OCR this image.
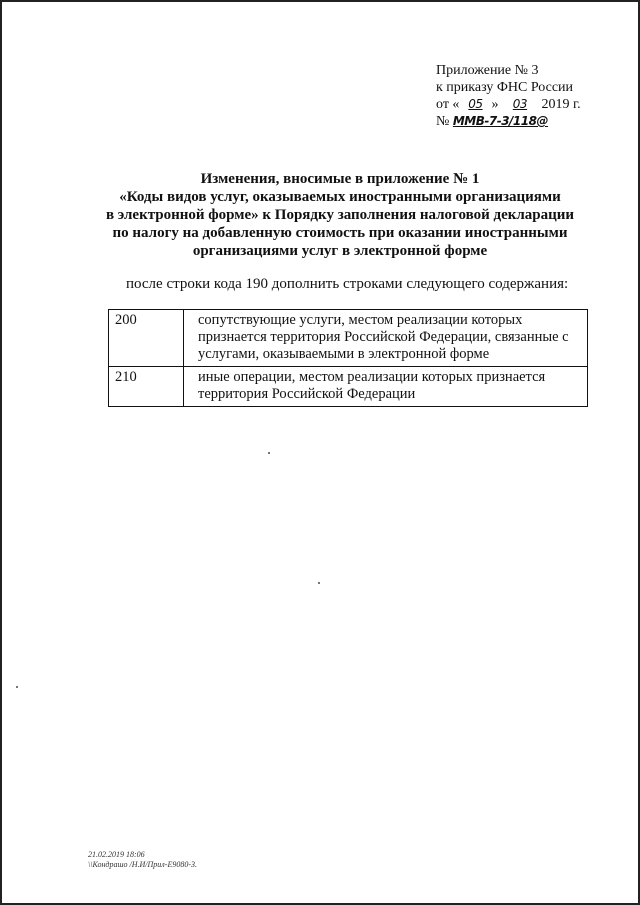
Приложение № 3
к приказу ФНС России
от « 05 » 03 2019 г.
№ ММВ-7-3/118@
Изменения, вносимые в приложение № 1
«Коды видов услуг, оказываемых иностранными организациями
в электронной форме» к Порядку заполнения налоговой декларации
по налогу на добавленную стоимость при оказании иностранными
организациями услуг в электронной форме
после строки кода 190 дополнить строками следующего содержания:
200	сопутствующие услуги, местом реализации которых
признается территория Российской Федерации, связанные с
услугами, оказываемыми в электронной форме

210	иные операции, местом реализации которых признается
территория Российской Федерации
21.02.2019 18:06
\\Кондрашо /Н.И/Прил-Е9080-3.
